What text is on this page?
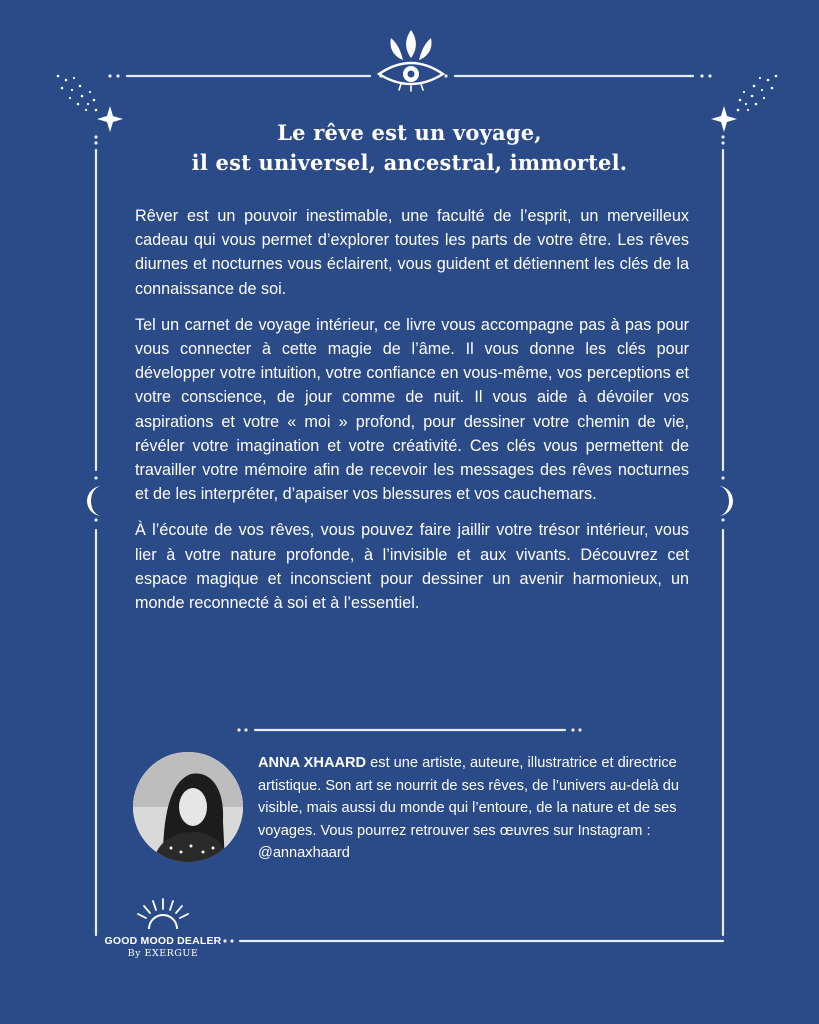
Le rêve est un voyage,
il est universel, ancestral, immortel.

Rêver est un pouvoir inestimable, une faculté de l’esprit, un merveilleux cadeau qui vous permet d’explorer toutes les parts de votre être. Les rêves diurnes et nocturnes vous éclairent, vous guident et détiennent les clés de la connaissance de soi.

Tel un carnet de voyage intérieur, ce livre vous accompagne pas à pas pour vous connecter à cette magie de l’âme. Il vous donne les clés pour développer votre intuition, votre confiance en vous-même, vos perceptions et votre conscience, de jour comme de nuit. Il vous aide à dévoiler vos aspirations et votre « moi » profond, pour dessiner votre chemin de vie, révéler votre imagination et votre créativité. Ces clés vous permettent de travailler votre mémoire afin de recevoir les messages des rêves nocturnes et de les interpréter, d’apaiser vos blessures et vos cauchemars.

À l’écoute de vos rêves, vous pouvez faire jaillir votre trésor intérieur, vous lier à votre nature profonde, à l’invisible et aux vivants. Découvrez cet espace magique et inconscient pour dessiner un avenir harmonieux, un monde reconnecté à soi et à l’essentiel.

ANNA XHAARD est une artiste, auteure, illustratrice et directrice artistique. Son art se nourrit de ses rêves, de l’univers au-delà du visible, mais aussi du monde qui l’entoure, de la nature et de ses voyages. Vous pourrez retrouver ses œuvres sur Instagram : @annaxhaard
GOOD MOOD DEALER
By EXERGUE
